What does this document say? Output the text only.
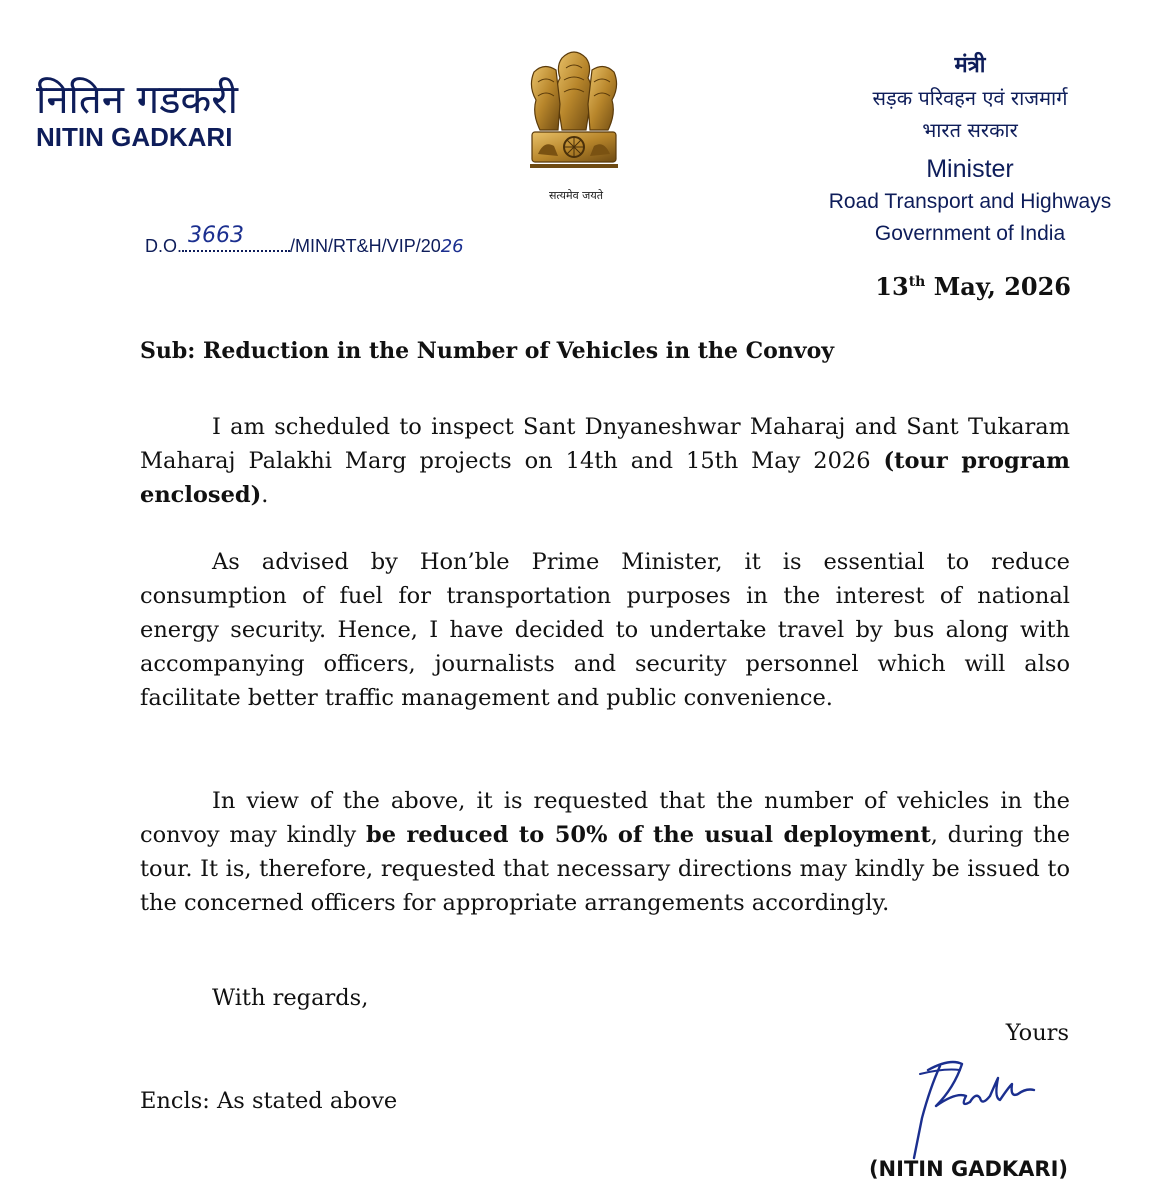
नितिन गडकरी
NITIN GADKARI
सत्यमेव जयते
मंत्री
सड़क परिवहन एवं राजमार्ग
भारत सरकार
Minister
Road Transport and Highways
Government of India
D.O. 3663	/MIN/RT&H/VIP/2026
13th May, 2026
Sub: Reduction in the Number of Vehicles in the Convoy

I am scheduled to inspect Sant Dnyaneshwar Maharaj and Sant Tukaram Maharaj Palakhi Marg projects on 14th and 15th May 2026 (tour program enclosed).

As advised by Hon’ble Prime Minister, it is essential to reduce consumption of fuel for transportation purposes in the interest of national energy security. Hence, I have decided to undertake travel by bus along with accompanying officers, journalists and security personnel which will also facilitate better traffic management and public convenience.

In view of the above, it is requested that the number of vehicles in the convoy may kindly be reduced to 50% of the usual deployment, during the tour. It is, therefore, requested that necessary directions may kindly be issued to the concerned officers for appropriate arrangements accordingly.

With regards,
Yours
Encls: As stated above
(NITIN GADKARI)
